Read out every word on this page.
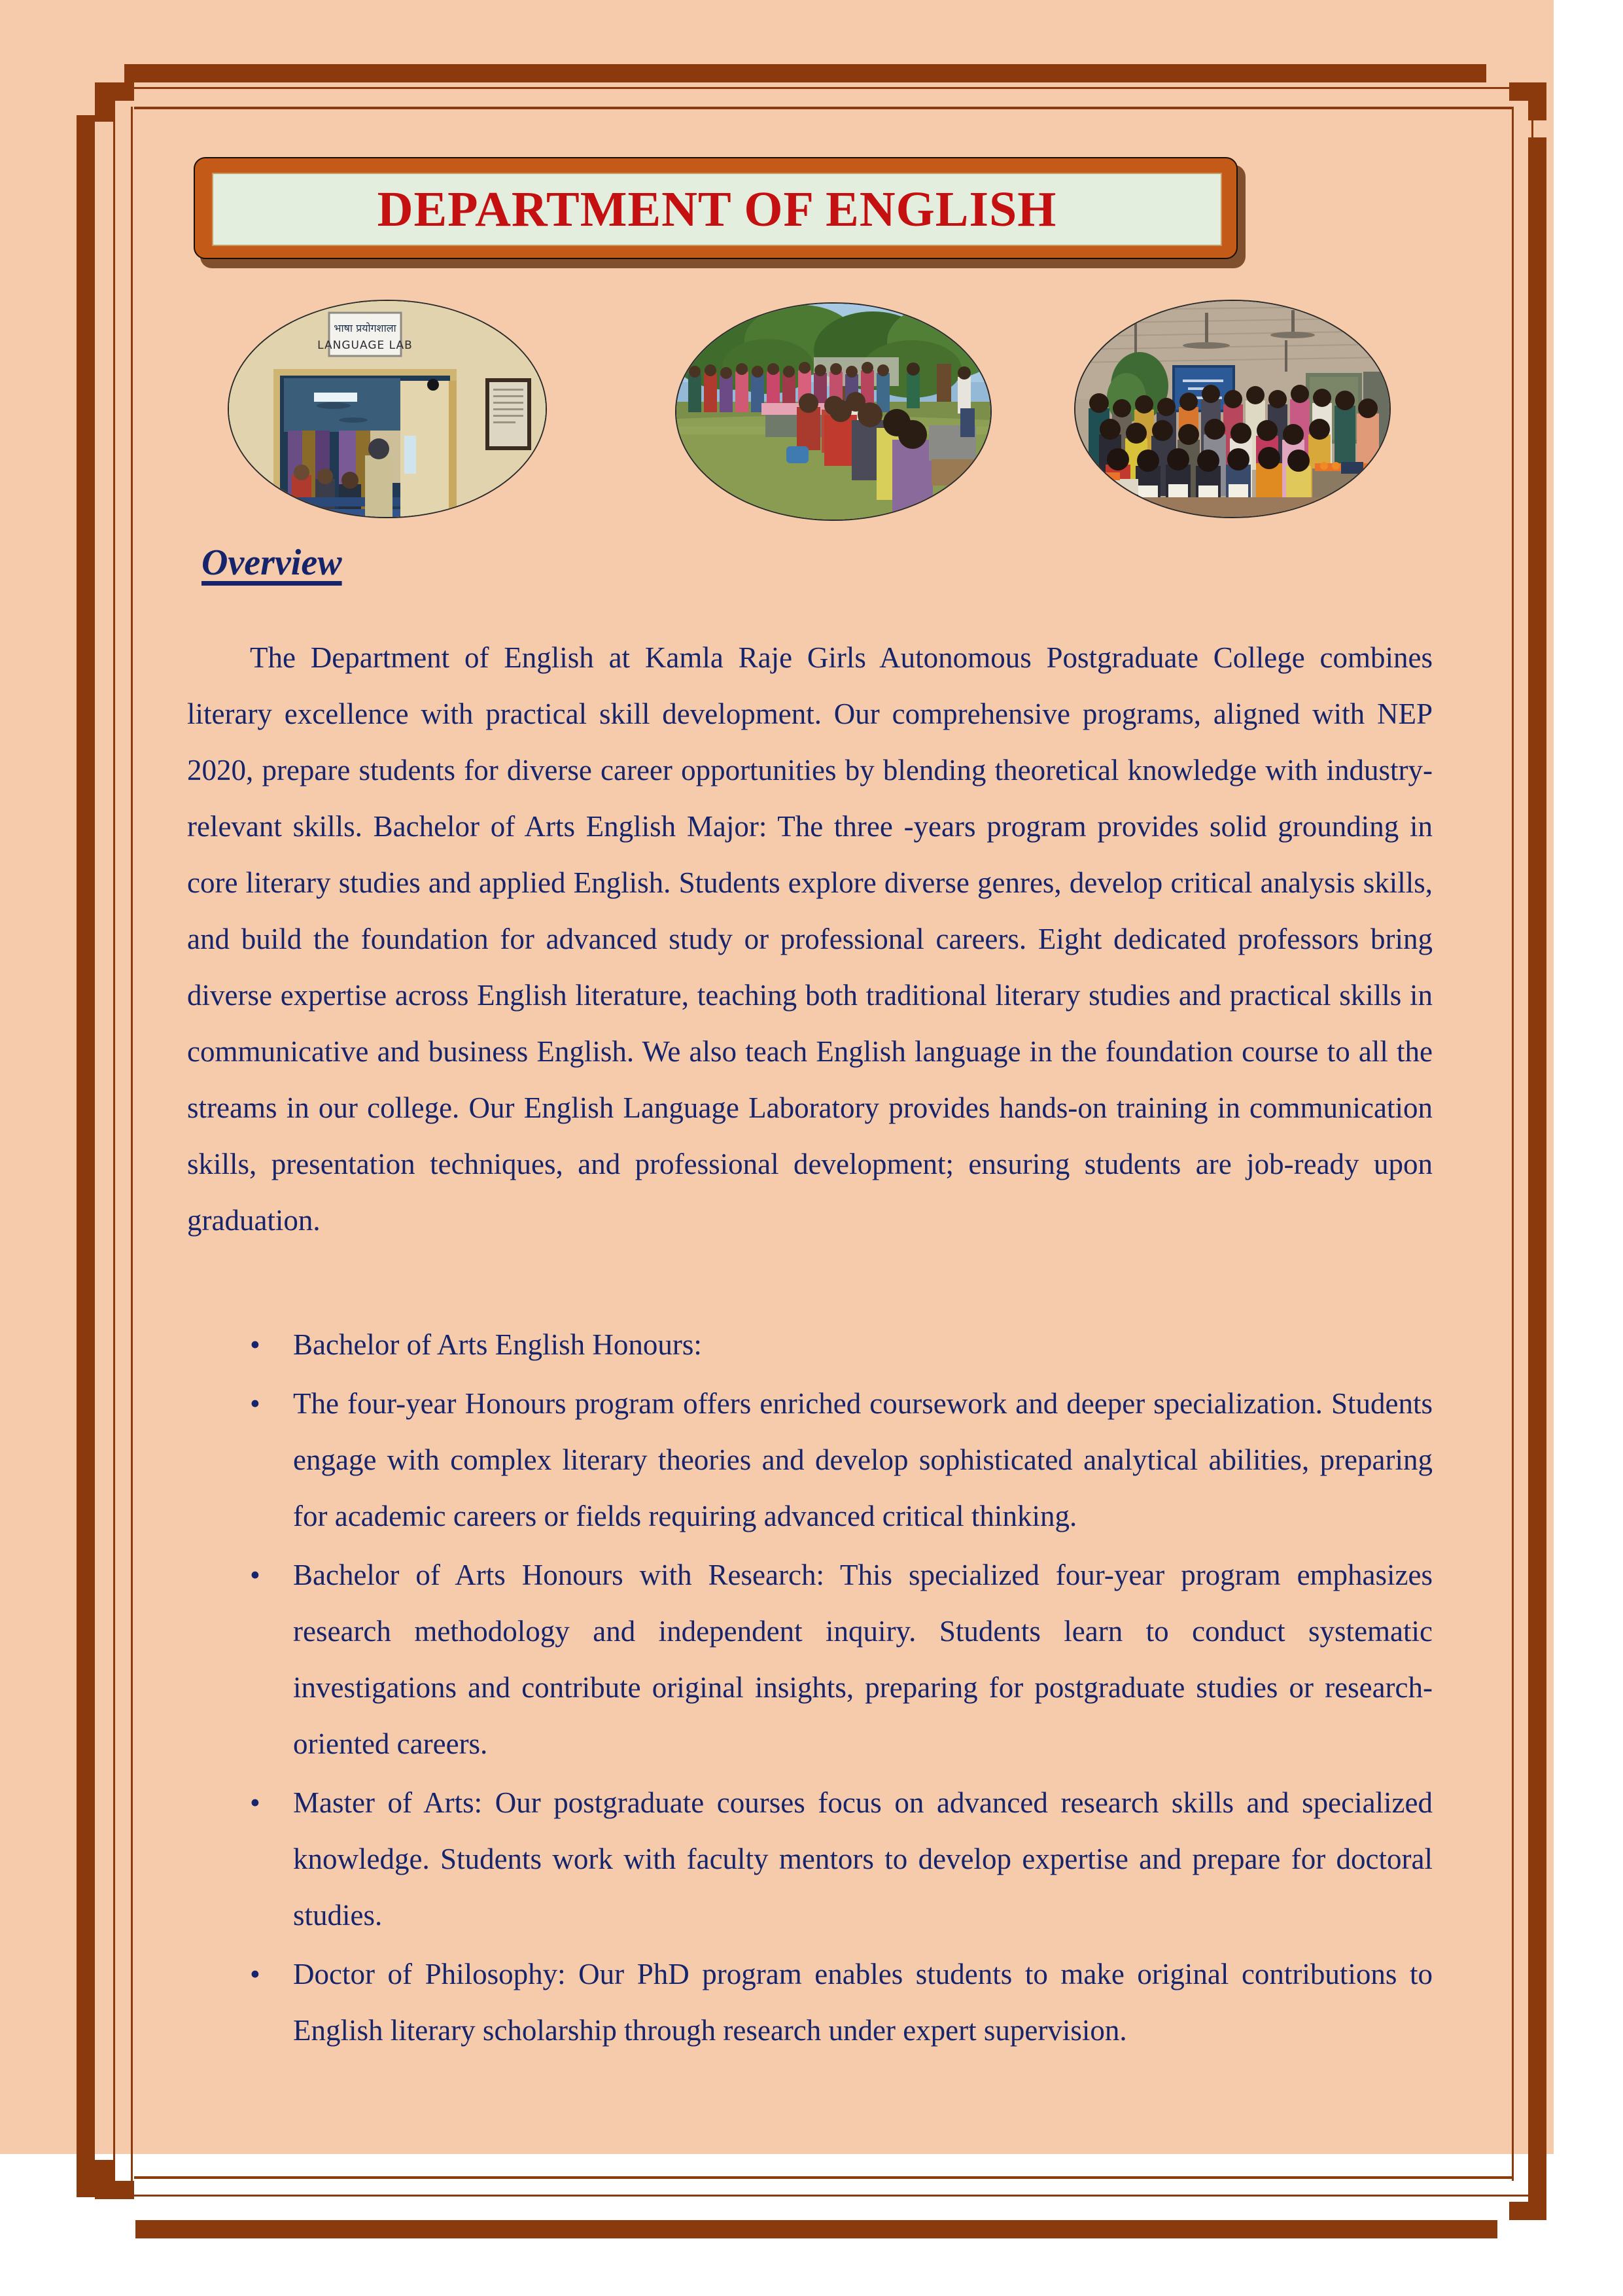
DEPARTMENT OF ENGLISH
भाषा प्रयोगशाला
LANGUAGE LAB
Overview

The Department of English at Kamla Raje Girls Autonomous Postgraduate College combines literary excellence with practical skill development. Our comprehensive programs, aligned with NEP 2020, prepare students for diverse career opportunities by blending theoretical knowledge with industry-relevant skills. Bachelor of Arts English Major: The three -years program provides solid grounding in core literary studies and applied English. Students explore diverse genres, develop critical analysis skills, and build the foundation for advanced study or professional careers. Eight dedicated professors bring diverse expertise across English literature, teaching both traditional literary studies and practical skills in communicative and business English. We also teach English language in the foundation course to all the streams in our college. Our English Language Laboratory provides hands-on training in communication skills, presentation techniques, and professional development; ensuring students are job-ready upon graduation.

• Bachelor of Arts English Honours:
• The four-year Honours program offers enriched coursework and deeper specialization. Students engage with complex literary theories and develop sophisticated analytical abilities, preparing for academic careers or fields requiring advanced critical thinking.
• Bachelor of Arts Honours with Research: This specialized four-year program emphasizes research methodology and independent inquiry. Students learn to conduct systematic investigations and contribute original insights, preparing for postgraduate studies or research-oriented careers.
• Master of Arts: Our postgraduate courses focus on advanced research skills and specialized knowledge. Students work with faculty mentors to develop expertise and prepare for doctoral studies.
• Doctor of Philosophy: Our PhD program enables students to make original contributions to English literary scholarship through research under expert supervision.
